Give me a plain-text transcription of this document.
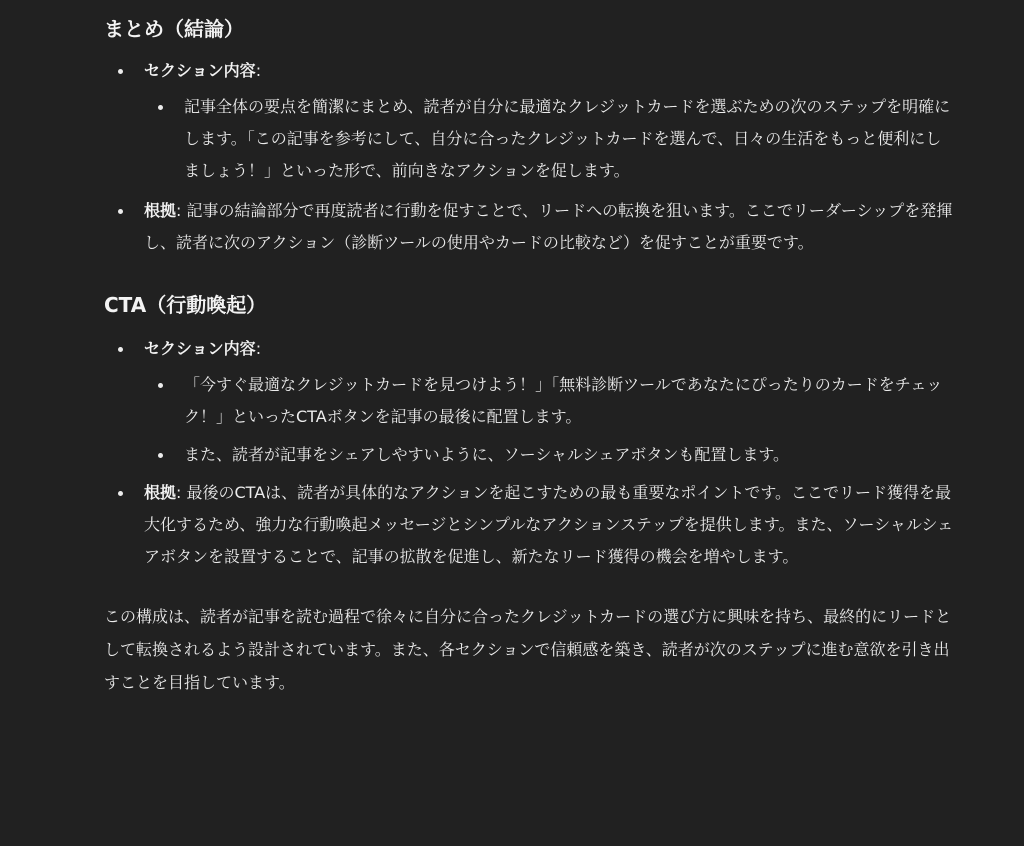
まとめ（結論）
セクション内容:
記事全体の要点を簡潔にまとめ、読者が自分に最適なクレジットカードを選ぶための次のステップを明確にします。「この記事を参考にして、自分に合ったクレジットカードを選んで、日々の生活をもっと便利にしましょう！」といった形で、前向きなアクションを促します。
根拠: 記事の結論部分で再度読者に行動を促すことで、リードへの転換を狙います。ここでリーダーシップを発揮し、読者に次のアクション（診断ツールの使用やカードの比較など）を促すことが重要です。
CTA（行動喚起）
セクション内容:
「今すぐ最適なクレジットカードを見つけよう！」「無料診断ツールであなたにぴったりのカードをチェック！」といったCTAボタンを記事の最後に配置します。
また、読者が記事をシェアしやすいように、ソーシャルシェアボタンも配置します。
根拠: 最後のCTAは、読者が具体的なアクションを起こすための最も重要なポイントです。ここでリード獲得を最大化するため、強力な行動喚起メッセージとシンプルなアクションステップを提供します。また、ソーシャルシェアボタンを設置することで、記事の拡散を促進し、新たなリード獲得の機会を増やします。

この構成は、読者が記事を読む過程で徐々に自分に合ったクレジットカードの選び方に興味を持ち、最終的にリードとして転換されるよう設計されています。また、各セクションで信頼感を築き、読者が次のステップに進む意欲を引き出すことを目指しています。
